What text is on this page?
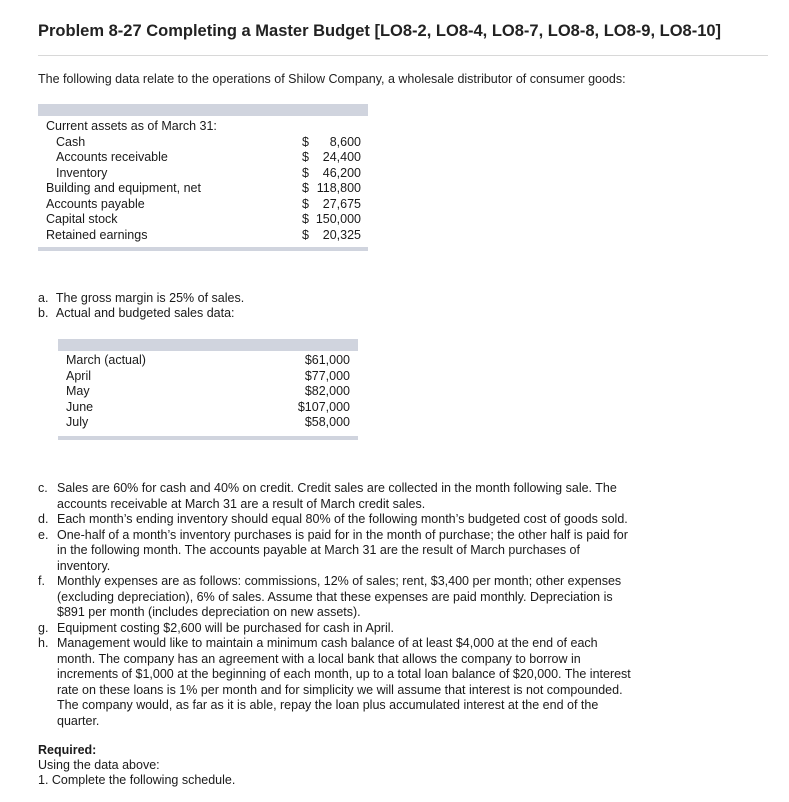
Problem 8-27 Completing a Master Budget [LO8-2, LO8-4, LO8-7, LO8-8, LO8-9, LO8-10]
The following data relate to the operations of Shilow Company, a wholesale distributor of consumer goods:
Current assets as of March 31:
Cash	$	8,600
Accounts receivable	$	24,400
Inventory	$	46,200
Building and equipment, net	$ 118,800
Accounts payable	$	27,675
Capital stock	$ 150,000
Retained earnings	$	20,325
a. The gross margin is 25% of sales.
b. Actual and budgeted sales data:
March (actual)	$61,000
April	$77,000
May	$82,000
June	$107,000
July	$58,000
c. Sales are 60% for cash and 40% on credit. Credit sales are collected in the month following sale. The
accounts receivable at March 31 are a result of March credit sales.
d. Each month’s ending inventory should equal 80% of the following month’s budgeted cost of goods sold.
e. One-half of a month’s inventory purchases is paid for in the month of purchase; the other half is paid for
in the following month. The accounts payable at March 31 are the result of March purchases of
inventory.
f. Monthly expenses are as follows: commissions, 12% of sales; rent, $3,400 per month; other expenses
(excluding depreciation), 6% of sales. Assume that these expenses are paid monthly. Depreciation is
$891 per month (includes depreciation on new assets).
g. Equipment costing $2,600 will be purchased for cash in April.
h. Management would like to maintain a minimum cash balance of at least $4,000 at the end of each
month. The company has an agreement with a local bank that allows the company to borrow in
increments of $1,000 at the beginning of each month, up to a total loan balance of $20,000. The interest
rate on these loans is 1% per month and for simplicity we will assume that interest is not compounded.
The company would, as far as it is able, repay the loan plus accumulated interest at the end of the
quarter.
Required:
Using the data above:
1. Complete the following schedule.
